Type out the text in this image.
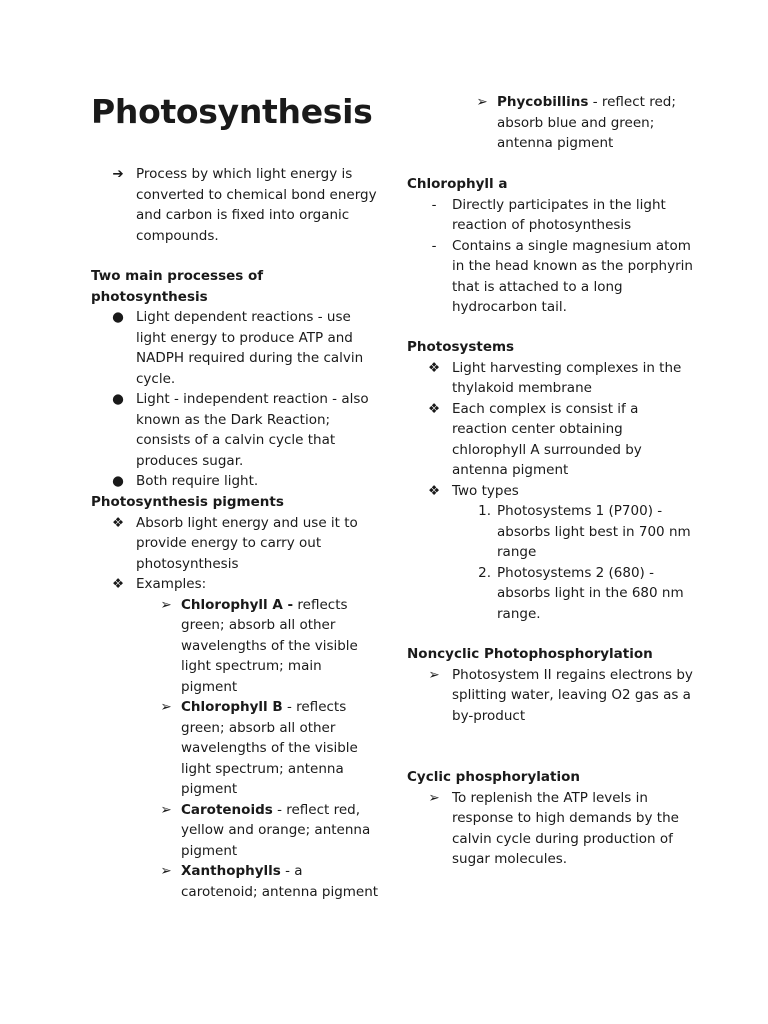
Photosynthesis
➔ Process by which light energy is converted to chemical bond energy and carbon is fixed into organic compounds.

Two main processes of photosynthesis

● Light dependent reactions - use light energy to produce ATP and NADPH required during the calvin cycle.
● Light - independent reaction - also known as the Dark Reaction; consists of a calvin cycle that produces sugar.
● Both require light.

Photosynthesis pigments

❖ Absorb light energy and use it to provide energy to carry out photosynthesis
❖ Examples:
➢ Chlorophyll A - reflects green; absorb all other wavelengths of the visible light spectrum; main pigment
➢ Chlorophyll B - reflects green; absorb all other wavelengths of the visible light spectrum; antenna pigment
➢ Carotenoids - reflect red, yellow and orange; antenna pigment
➢ Xanthophylls - a carotenoid; antenna pigment
➢ Phycobillins - reflect red; absorb blue and green; antenna pigment

Chlorophyll a

-	Directly participates in the light reaction of photosynthesis
-	Contains a single magnesium atom in the head known as the porphyrin that is attached to a long hydrocarbon tail.

Photosystems

❖ Light harvesting complexes in the thylakoid membrane
❖ Each complex is consist if a reaction center obtaining chlorophyll A surrounded by antenna pigment
❖ Two types
1. Photosystems 1 (P700) - absorbs light best in 700 nm range
2. Photosystems 2 (680) - absorbs light in the 680 nm range.

Noncyclic Photophosphorylation

➢ Photosystem II regains electrons by splitting water, leaving O2 gas as a by-product

Cyclic phosphorylation

➢ To replenish the ATP levels in response to high demands by the calvin cycle during production of sugar molecules.
